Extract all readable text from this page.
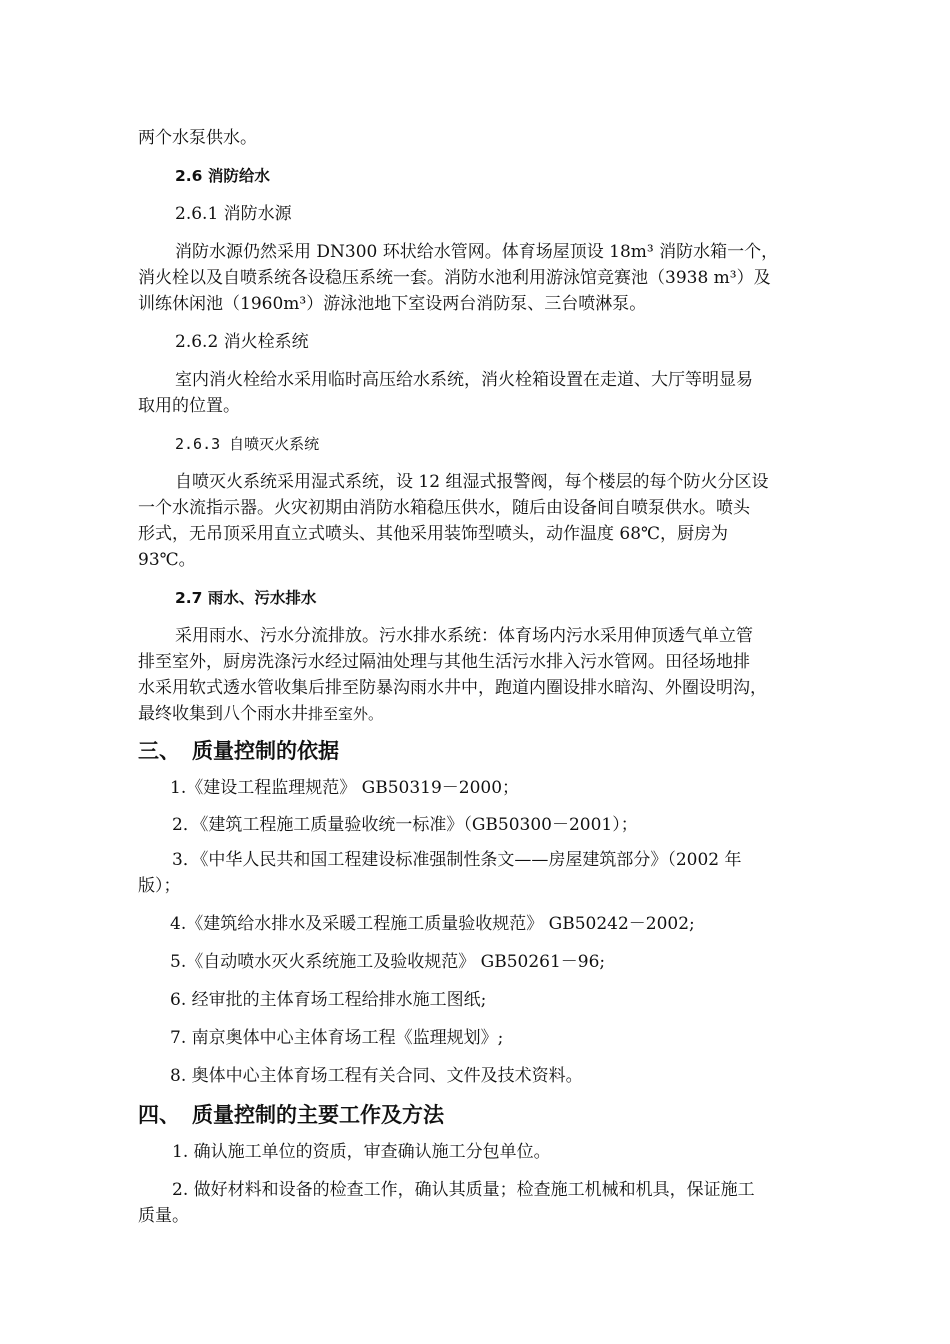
两个水泵供水。
2.6 消防给水
2.6.1 消防水源
消防水源仍然采用 DN300 环状给水管网。体育场屋顶设 18m³ 消防水箱一个，
消火栓以及自喷系统各设稳压系统一套。消防水池利用游泳馆竞赛池（3938 m³）及
训练休闲池（1960m³）游泳池地下室设两台消防泵、三台喷淋泵。
2.6.2 消火栓系统
室内消火栓给水采用临时高压给水系统，消火栓箱设置在走道、大厅等明显易
取用的位置。
2.6.3 自喷灭火系统
自喷灭火系统采用湿式系统，设 12 组湿式报警阀，每个楼层的每个防火分区设
一个水流指示器。火灾初期由消防水箱稳压供水，随后由设备间自喷泵供水。喷头
形式，无吊顶采用直立式喷头、其他采用装饰型喷头，动作温度 68℃，厨房为
93℃。
2.7 雨水、污水排水
采用雨水、污水分流排放。污水排水系统：体育场内污水采用伸顶透气单立管
排至室外，厨房洗涤污水经过隔油处理与其他生活污水排入污水管网。田径场地排
水采用软式透水管收集后排至防暴沟雨水井中，跑道内圈设排水暗沟、外圈设明沟，
最终收集到八个雨水井排至室外。
三、 质量控制的依据
1.《建设工程监理规范》 GB50319－2000；
2．《建筑工程施工质量验收统一标准》（GB50300－2001）；
3．《中华人民共和国工程建设标准强制性条文——房屋建筑部分》（2002 年
版）；
4.《建筑给水排水及采暖工程施工质量验收规范》 GB50242－2002;
5.《自动喷水灭火系统施工及验收规范》 GB50261－96;
6. 经审批的主体育场工程给排水施工图纸;
7. 南京奥体中心主体育场工程《监理规划》;
8. 奥体中心主体育场工程有关合同、文件及技术资料。
四、 质量控制的主要工作及方法
1. 确认施工单位的资质，审查确认施工分包单位。
2. 做好材料和设备的检查工作，确认其质量；检查施工机械和机具，保证施工
质量。
